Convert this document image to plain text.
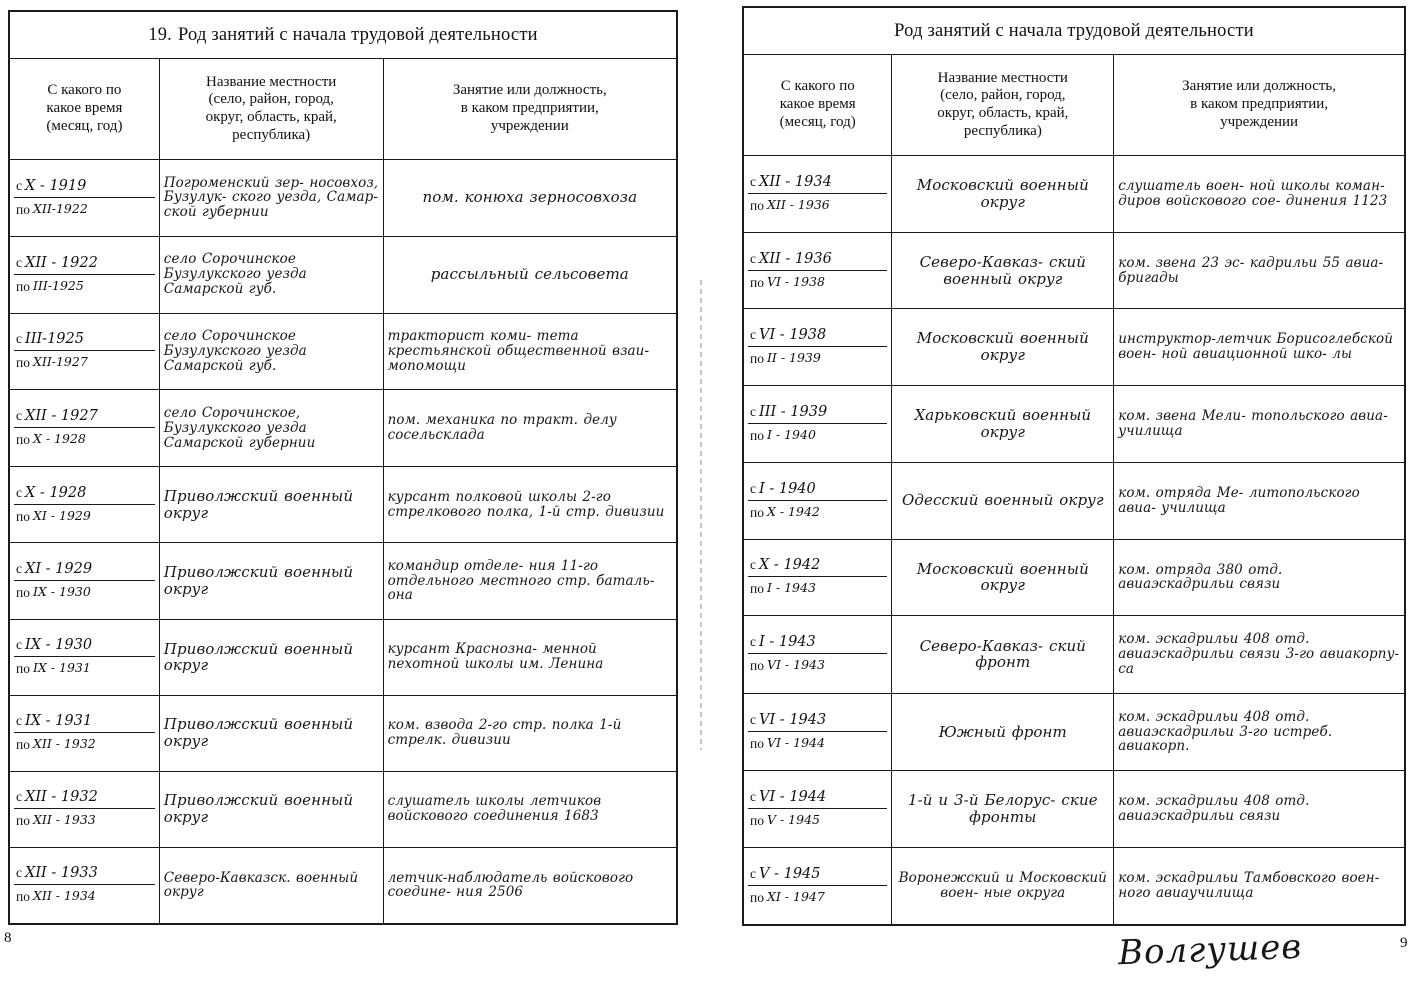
19. Род занятий с начала трудовой деятельности		

С какого по
какое время
(месяц, год)

Название местности
(село, район, город,
округ, область, край,
республика)

Занятие или должность,
в каком предприятии,
учреждении

с X - 1919
по XII-1922	Погроменский зер- носовхоз, Бузулук- ского уезда, Самар- ской губернии	пом. конюха зерносовхоза

с XII - 1922
по III-1925	село Сорочинское Бузулукского уезда Самарской губ.	рассыльный сельсовета

с III-1925
по XII-1927	село Сорочинское Бузулукского уезда Самарской губ.	тракторист коми- тета крестьянской общественной взаи- мопомощи

с XII - 1927
по X - 1928	село Сорочинское, Бузулукского уезда Самарской губернии	пом. механика по тракт. делу сосельсклада

с X - 1928
по XI - 1929	Приволжский военный округ	курсант полковой школы 2-го стрелкового полка, 1-й стр. дивизии

с XI - 1929
по IX - 1930	Приволжский военный округ	командир отделе- ния 11-го отдельного местного стр. баталь- она

с IX - 1930
по IX - 1931	Приволжский военный округ	курсант Краснозна- менной пехотной школы им. Ленина

с IX - 1931
по XII - 1932	Приволжский военный округ	ком. взвода 2-го стр. полка 1-й стрелк. дивизии

с XII - 1932
по XII - 1933	Приволжский военный округ	слушатель школы летчиков войскового соединения 1683

с XII - 1933
по XII - 1934	Северо-Кавказск. военный округ	летчик-наблюдатель войскового соедине- ния 2506
Род занятий с начала трудовой деятельности		

С какого по
какое время
(месяц, год)

Название местности
(село, район, город,
округ, область, край,
республика)

Занятие или должность,
в каком предприятии,
учреждении

с XII - 1934
по XII - 1936	Московский военный округ	слушатель воен- ной школы коман- диров войскового сое- динения 1123

с XII - 1936
по VI - 1938	Северо-Кавказ- ский военный округ	ком. звена 23 эс- кадрильи 55 авиа- бригады

с VI - 1938
по II - 1939	Московский военный округ	инструктор-летчик Борисоглебской воен- ной авиационной шко- лы

с III - 1939
по I - 1940	Харьковский военный округ	ком. звена Мели- топольского авиа- училища

с I - 1940
по X - 1942	Одесский военный округ	ком. отряда Ме- литопольского авиа- училища

с X - 1942
по I - 1943	Московский военный округ	ком. отряда 380 отд. авиаэскадрильи связи

с I - 1943
по VI - 1943	Северо-Кавказ- ский фронт	ком. эскадрильи 408 отд. авиаэскадрильи связи 3-го авиакорпу- са

с VI - 1943
по VI - 1944	Южный фронт	ком. эскадрильи 408 отд. авиаэскадрильи 3-го истреб. авиакорп.

с VI - 1944
по V - 1945	1-й и 3-й Белорус- ские фронты	ком. эскадрильи 408 отд. авиаэскадрильи связи

с V - 1945
по XI - 1947	Воронежский и Московский воен- ные округа	ком. эскадрильи Тамбовского воен- ного авиаучилища
8	9
Волгушев
